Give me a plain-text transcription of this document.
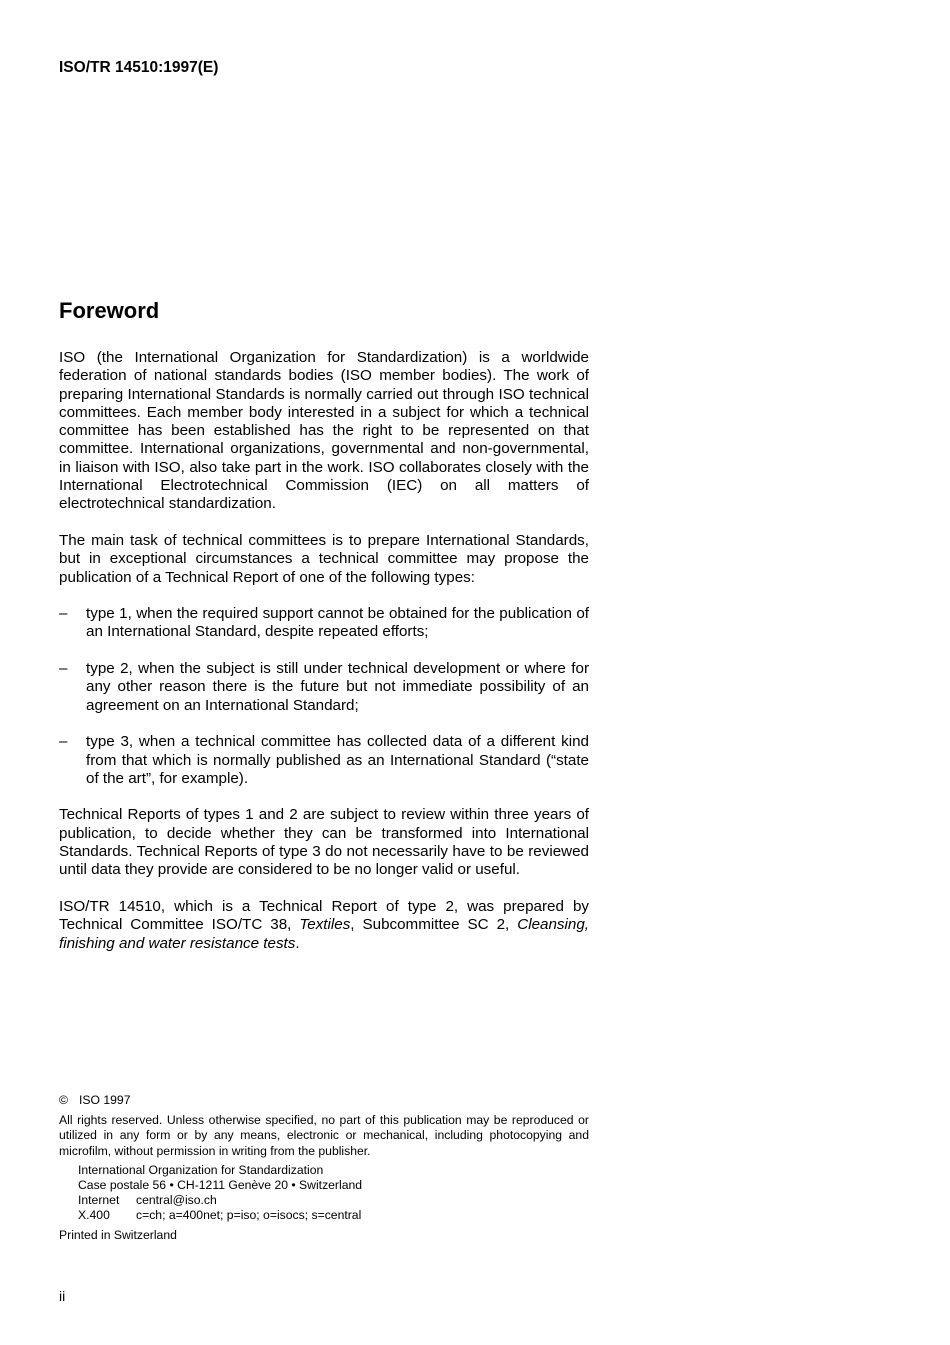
ISO/TR 14510:1997(E)

Foreword

ISO (the International Organization for Standardization) is a worldwide federation of national standards bodies (ISO member bodies). The work of preparing International Standards is normally carried out through ISO technical committees. Each member body interested in a subject for which a technical committee has been established has the right to be represented on that committee. International organizations, governmental and non-governmental, in liaison with ISO, also take part in the work. ISO collaborates closely with the International Electrotechnical Commission (IEC) on all matters of electrotechnical standardization.

The main task of technical committees is to prepare International Standards, but in exceptional circumstances a technical committee may propose the publication of a Technical Report of one of the following types:

–	type 1, when the required support cannot be obtained for the publication of an International Standard, despite repeated efforts;
–	type 2, when the subject is still under technical development or where for any other reason there is the future but not immediate possibility of an agreement on an International Standard;
–	type 3, when a technical committee has collected data of a different kind from that which is normally published as an International Standard (“state of the art”, for example).

Technical Reports of types 1 and 2 are subject to review within three years of publication, to decide whether they can be transformed into International Standards. Technical Reports of type 3 do not necessarily have to be reviewed until data they provide are considered to be no longer valid or useful.

ISO/TR 14510, which is a Technical Report of type 2, was prepared by Technical Committee ISO/TC 38, Textiles, Subcommittee SC 2, Cleansing, finishing and water resistance tests.

© ISO 1997

All rights reserved. Unless otherwise specified, no part of this publication may be reproduced or utilized in any form or by any means, electronic or mechanical, including photocopying and microfilm, without permission in writing from the publisher.

International Organization for Standardization

Case postale 56 • CH-1211 Genève 20 • Switzerland

Internet central@iso.ch

X.400 c=ch; a=400net; p=iso; o=isocs; s=central

Printed in Switzerland

ii
